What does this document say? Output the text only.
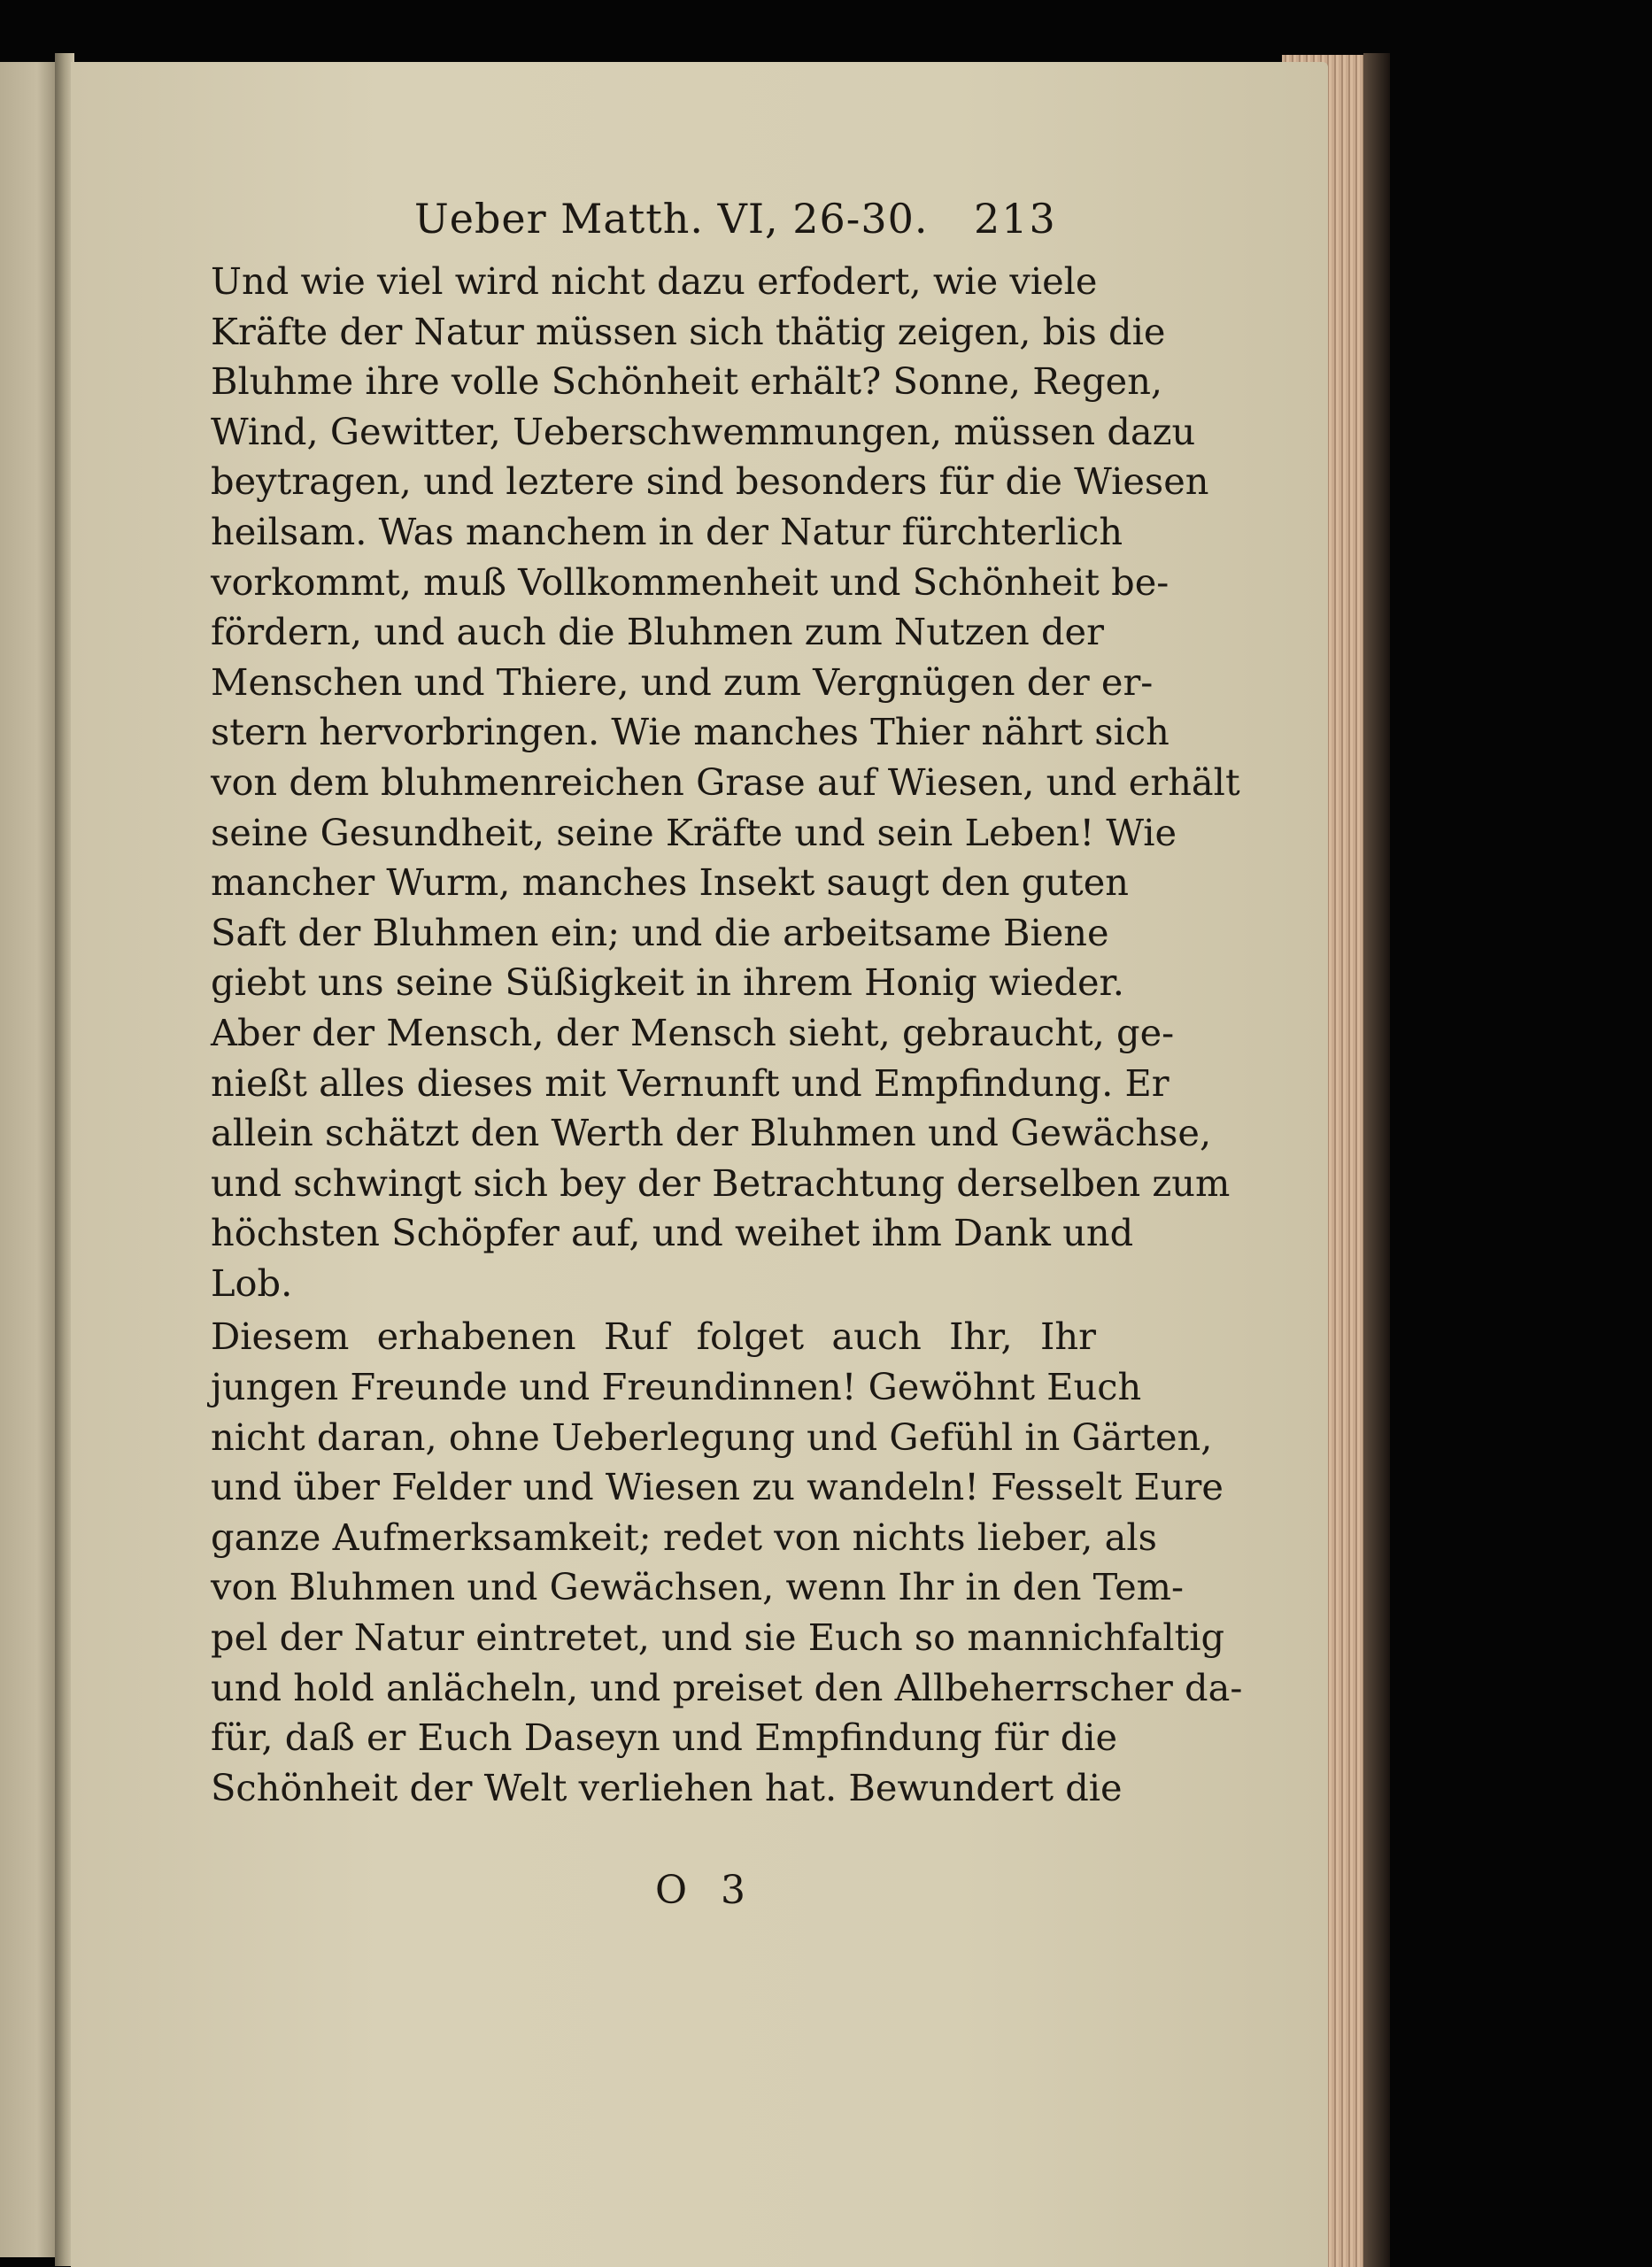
Ueber Matth. VI, 26-30. 213
Und wie viel wird nicht dazu erfodert, wie viele
Kräfte der Natur müssen sich thätig zeigen, bis die
Bluhme ihre volle Schönheit erhält? Sonne, Regen,
Wind, Gewitter, Ueberschwemmungen, müssen dazu
beytragen, und leztere sind besonders für die Wiesen
heilsam. Was manchem in der Natur fürchterlich
vorkommt, muß Vollkommenheit und Schönheit be-
fördern, und auch die Bluhmen zum Nutzen der
Menschen und Thiere, und zum Vergnügen der er-
stern hervorbringen. Wie manches Thier nährt sich
von dem bluhmenreichen Grase auf Wiesen, und erhält
seine Gesundheit, seine Kräfte und sein Leben! Wie
mancher Wurm, manches Insekt saugt den guten
Saft der Bluhmen ein; und die arbeitsame Biene
giebt uns seine Süßigkeit in ihrem Honig wieder.
Aber der Mensch, der Mensch sieht, gebraucht, ge-
nießt alles dieses mit Vernunft und Empfindung. Er
allein schätzt den Werth der Bluhmen und Gewächse,
und schwingt sich bey der Betrachtung derselben zum
höchsten Schöpfer auf, und weihet ihm Dank und
Lob.
Diesem erhabenen Ruf folget auch Ihr, Ihr
jungen Freunde und Freundinnen! Gewöhnt Euch
nicht daran, ohne Ueberlegung und Gefühl in Gärten,
und über Felder und Wiesen zu wandeln! Fesselt Eure
ganze Aufmerksamkeit; redet von nichts lieber, als
von Bluhmen und Gewächsen, wenn Ihr in den Tem-
pel der Natur eintretet, und sie Euch so mannichfaltig
und hold anlächeln, und preiset den Allbeherrscher da-
für, daß er Euch Daseyn und Empfindung für die
Schönheit der Welt verliehen hat. Bewundert die
O 3
